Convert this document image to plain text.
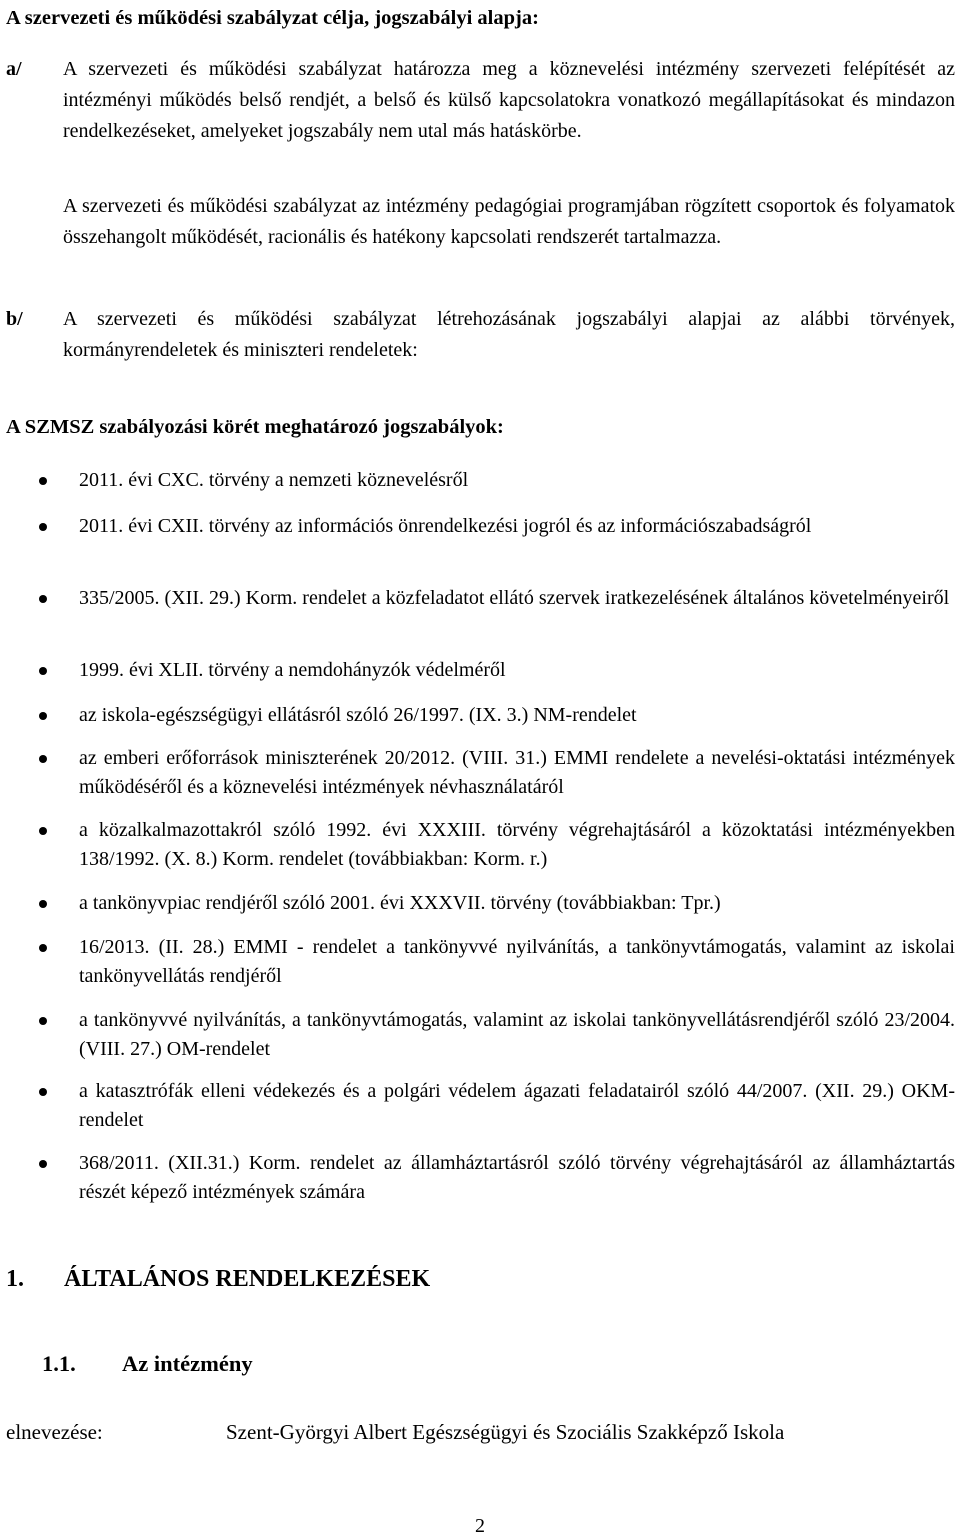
A szervezeti és működési szabályzat célja, jogszabályi alapja:
a/ A szervezeti és működési szabályzat határozza meg a köznevelési intézmény szervezeti felépítését az intézményi működés belső rendjét, a belső és külső kapcsolatokra vonatkozó megállapításokat és mindazon rendelkezéseket, amelyeket jogszabály nem utal más hatáskörbe.
A szervezeti és működési szabályzat az intézmény pedagógiai programjában rögzített csoportok és folyamatok összehangolt működését, racionális és hatékony kapcsolati rendszerét tartalmazza.
b/ A szervezeti és működési szabályzat létrehozásának jogszabályi alapjai az alábbi törvények, kormányrendeletek és miniszteri rendeletek:
A SZMSZ szabályozási körét meghatározó jogszabályok:
2011. évi CXC. törvény a nemzeti köznevelésről
2011. évi CXII. törvény az információs önrendelkezési jogról és az információszabadságról
335/2005. (XII. 29.) Korm. rendelet a közfeladatot ellátó szervek iratkezelésének általános követelményeiről
1999. évi XLII. törvény a nemdohányzók védelméről
az iskola-egészségügyi ellátásról szóló 26/1997. (IX. 3.) NM-rendelet
az emberi erőforrások miniszterének 20/2012. (VIII. 31.) EMMI rendelete a nevelési-oktatási intézmények működéséről és a köznevelési intézmények névhasználatáról
a közalkalmazottakról szóló 1992. évi XXXIII. törvény végrehajtásáról a közoktatási intézményekben 138/1992. (X. 8.) Korm. rendelet (továbbiakban: Korm. r.)
a tankönyvpiac rendjéről szóló 2001. évi XXXVII. törvény (továbbiakban: Tpr.)
16/2013. (II. 28.) EMMI - rendelet a tankönyvvé nyilvánítás, a tankönyvtámogatás, valamint az iskolai tankönyvellátás rendjéről
a tankönyvvé nyilvánítás, a tankönyvtámogatás, valamint az iskolai tankönyvellátásrendjéről szóló 23/2004. (VIII. 27.) OM-rendelet
a katasztrófák elleni védekezés és a polgári védelem ágazati feladatairól szóló 44/2007. (XII. 29.) OKM-rendelet
368/2011. (XII.31.) Korm. rendelet az államháztartásról szóló törvény végrehajtásáról az államháztartás részét képező intézmények számára
1. ÁLTALÁNOS RENDELKEZÉSEK
1.1. Az intézmény
elnevezése:	Szent-Györgyi Albert Egészségügyi és Szociális Szakképző Iskola
2
